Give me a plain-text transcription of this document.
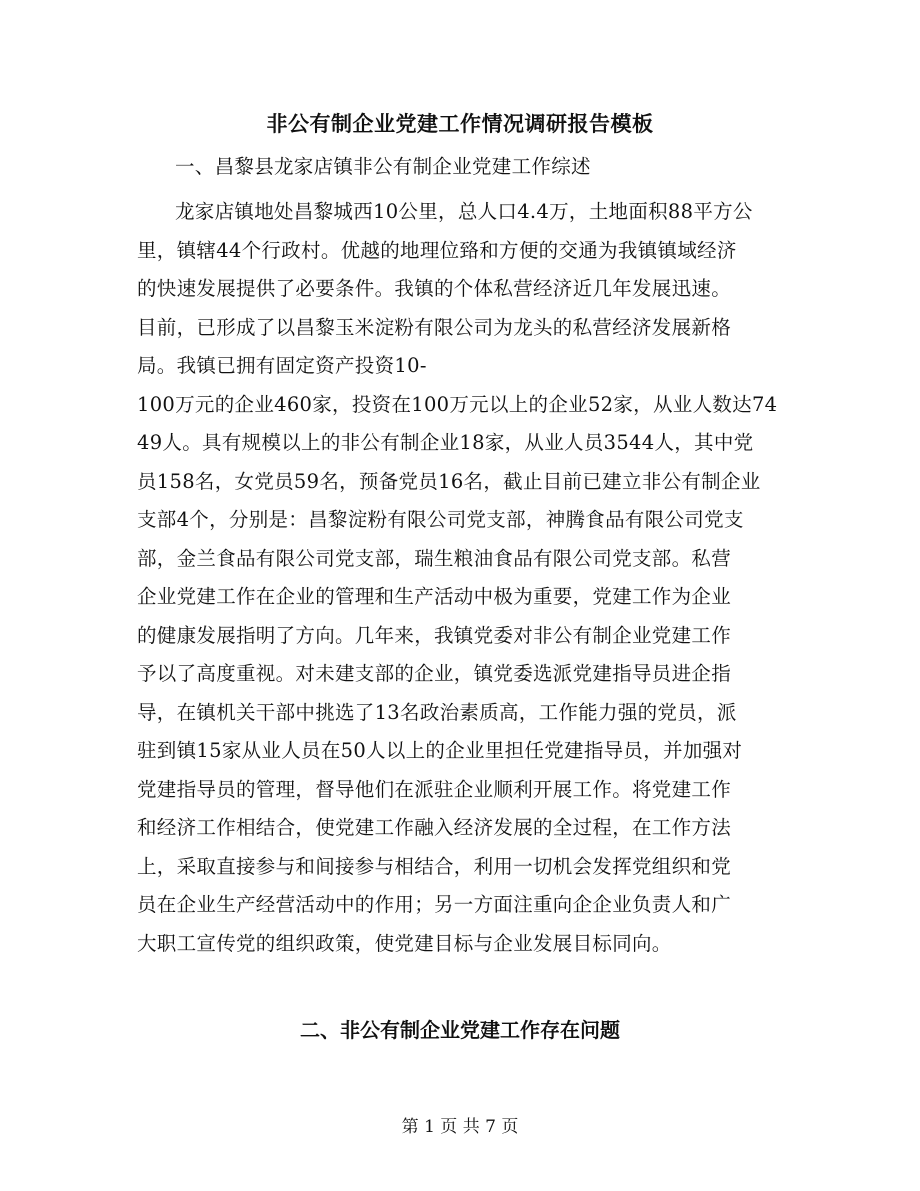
非公有制企业党建工作情况调研报告模板

一、昌黎县龙家店镇非公有制企业党建工作综述

龙家店镇地处昌黎城西10公里，总人口4.4万，土地面积88平方公

里，镇辖44个行政村。优越的地理位臵和方便的交通为我镇镇域经济

的快速发展提供了必要条件。我镇的个体私营经济近几年发展迅速。

目前，已形成了以昌黎玉米淀粉有限公司为龙头的私营经济发展新格

局。我镇已拥有固定资产投资10-

100万元的企业460家，投资在100万元以上的企业52家，从业人数达74

49人。具有规模以上的非公有制企业18家，从业人员3544人，其中党

员158名，女党员59名，预备党员16名，截止目前已建立非公有制企业

支部4个，分别是：昌黎淀粉有限公司党支部，神腾食品有限公司党支

部，金兰食品有限公司党支部，瑞生粮油食品有限公司党支部。私营

企业党建工作在企业的管理和生产活动中极为重要，党建工作为企业

的健康发展指明了方向。几年来，我镇党委对非公有制企业党建工作

予以了高度重视。对未建支部的企业，镇党委选派党建指导员进企指

导，在镇机关干部中挑选了13名政治素质高，工作能力强的党员，派

驻到镇15家从业人员在50人以上的企业里担任党建指导员，并加强对

党建指导员的管理，督导他们在派驻企业顺利开展工作。将党建工作

和经济工作相结合，使党建工作融入经济发展的全过程，在工作方法

上，采取直接参与和间接参与相结合，利用一切机会发挥党组织和党

员在企业生产经营活动中的作用；另一方面注重向企企业负责人和广

大职工宣传党的组织政策，使党建目标与企业发展目标同向。

二、非公有制企业党建工作存在问题
第 1 页 共 7 页
